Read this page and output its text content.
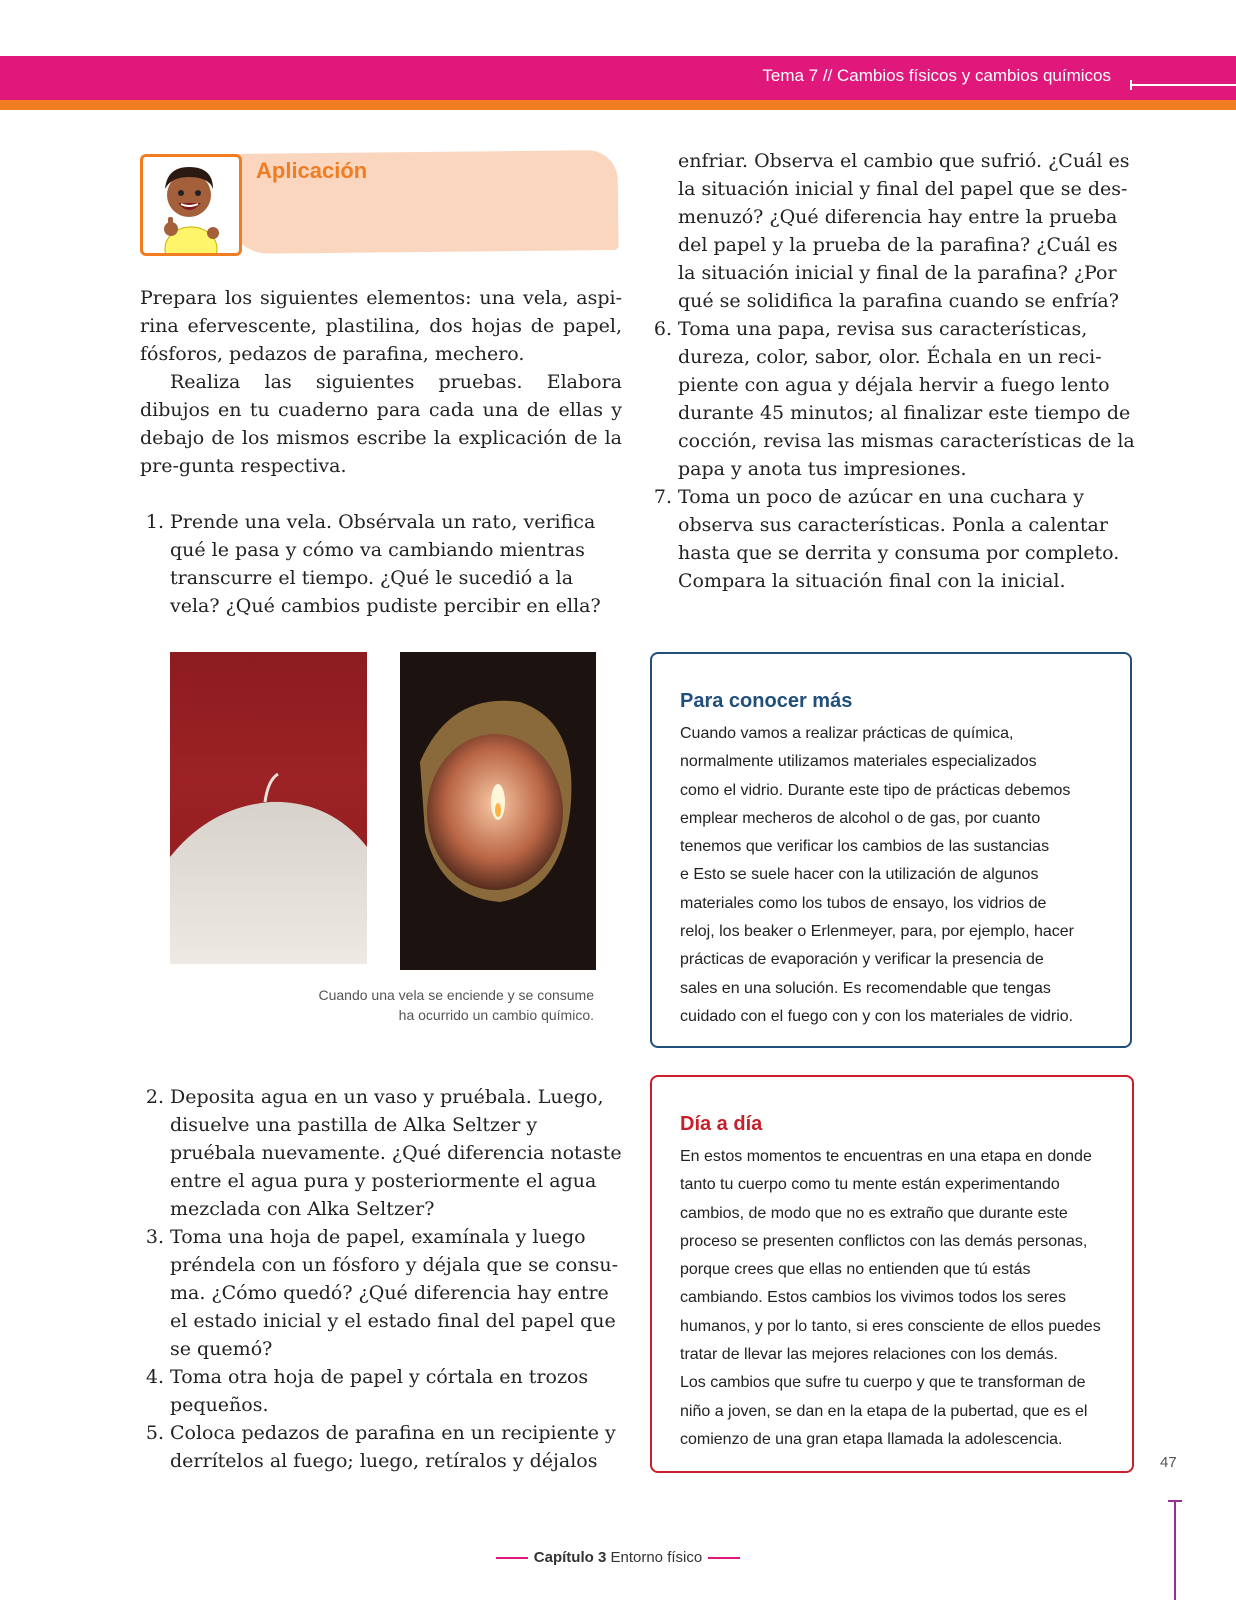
Tema 7 // Cambios físicos y cambios químicos
Aplicación

Prepara los siguientes elementos: una vela, aspi-rina efervescente, plastilina, dos hojas de papel, fósforos, pedazos de parafina, mechero.

Realiza las siguientes pruebas. Elabora dibujos en tu cuaderno para cada una de ellas y debajo de los mismos escribe la explicación de la pre-gunta respectiva.

1. Prende una vela. Obsérvala un rato, verifica qué le pasa y cómo va cambiando mientras transcurre el tiempo. ¿Qué le sucedió a la vela? ¿Qué cambios pudiste percibir en ella?
enfriar. Observa el cambio que sufrió. ¿Cuál es la situación inicial y final del papel que se des-menuzó? ¿Qué diferencia hay entre la prueba del papel y la prueba de la parafina? ¿Cuál es la situación inicial y final de la parafina? ¿Por qué se solidifica la parafina cuando se enfría?
6. Toma una papa, revisa sus características, dureza, color, sabor, olor. Échala en un reci-piente con agua y déjala hervir a fuego lento durante 45 minutos; al finalizar este tiempo de cocción, revisa las mismas características de la papa y anota tus impresiones.
7. Toma un poco de azúcar en una cuchara y observa sus características. Ponla a calentar hasta que se derrita y consuma por completo. Compara la situación final con la inicial.
Cuando una vela se enciende y se consume
ha ocurrido un cambio químico.
Para conocer más
Cuando vamos a realizar prácticas de química,
normalmente utilizamos materiales especializados
como el vidrio. Durante este tipo de prácticas debemos
emplear mecheros de alcohol o de gas, por cuanto
tenemos que verificar los cambios de las sustancias
e Esto se suele hacer con la utilización de algunos
materiales como los tubos de ensayo, los vidrios de
reloj, los beaker o Erlenmeyer, para, por ejemplo, hacer
prácticas de evaporación y verificar la presencia de
sales en una solución. Es recomendable que tengas
cuidado con el fuego con y con los materiales de vidrio.
2. Deposita agua en un vaso y pruébala. Luego, disuelve una pastilla de Alka Seltzer y pruébala nuevamente. ¿Qué diferencia notaste entre el agua pura y posteriormente el agua mezclada con Alka Seltzer?
3. Toma una hoja de papel, examínala y luego préndela con un fósforo y déjala que se consu-ma. ¿Cómo quedó? ¿Qué diferencia hay entre el estado inicial y el estado final del papel que se quemó?
4. Toma otra hoja de papel y córtala en trozos pequeños.
5. Coloca pedazos de parafina en un recipiente y derrítelos al fuego; luego, retíralos y déjalos
Día a día
En estos momentos te encuentras en una etapa en donde
tanto tu cuerpo como tu mente están experimentando
cambios, de modo que no es extraño que durante este
proceso se presenten conflictos con las demás personas,
porque crees que ellas no entienden que tú estás
cambiando. Estos cambios los vivimos todos los seres
humanos, y por lo tanto, si eres consciente de ellos puedes
tratar de llevar las mejores relaciones con los demás.
Los cambios que sufre tu cuerpo y que te transforman de
niño a joven, se dan en la etapa de la pubertad, que es el
comienzo de una gran etapa llamada la adolescencia.
47
Capítulo 3 Entorno físico
